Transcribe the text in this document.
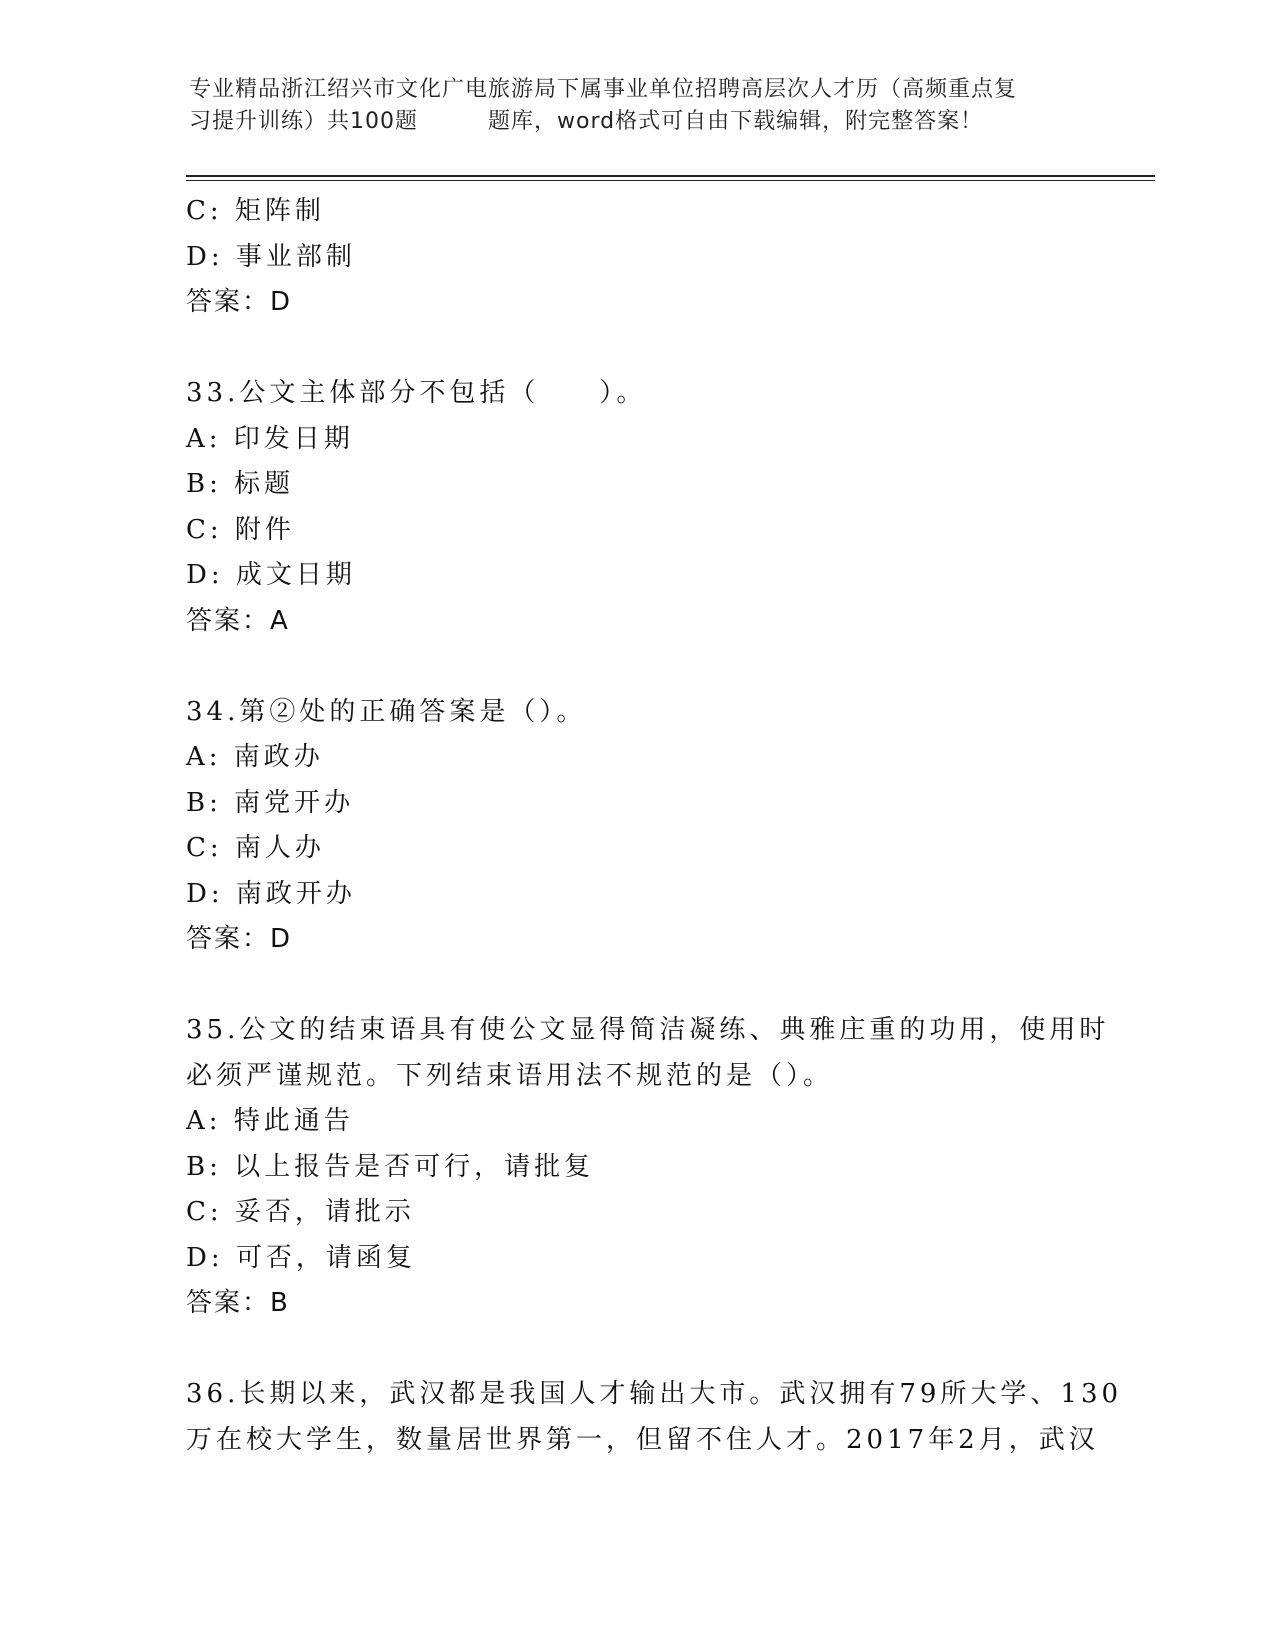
专业精品浙江绍兴市文化广电旅游局下属事业单位招聘高层次人才历（高频重点复
习提升训练）共100题	题库，word格式可自由下载编辑，附完整答案！
C: 矩阵制
D: 事业部制
答案：D
33.公文主体部分不包括（　　）。
A: 印发日期
B: 标题
C: 附件
D: 成文日期
答案：A
34.第②处的正确答案是（）。
A: 南政办
B: 南党开办
C: 南人办
D: 南政开办
答案：D
35.公文的结束语具有使公文显得简洁凝练、典雅庄重的功用，使用时
必须严谨规范。下列结束语用法不规范的是（）。
A: 特此通告
B: 以上报告是否可行，请批复
C: 妥否，请批示
D: 可否，请函复
答案：B
36.长期以来，武汉都是我国人才输出大市。武汉拥有79所大学、130
万在校大学生，数量居世界第一，但留不住人才。2017年2月，武汉
